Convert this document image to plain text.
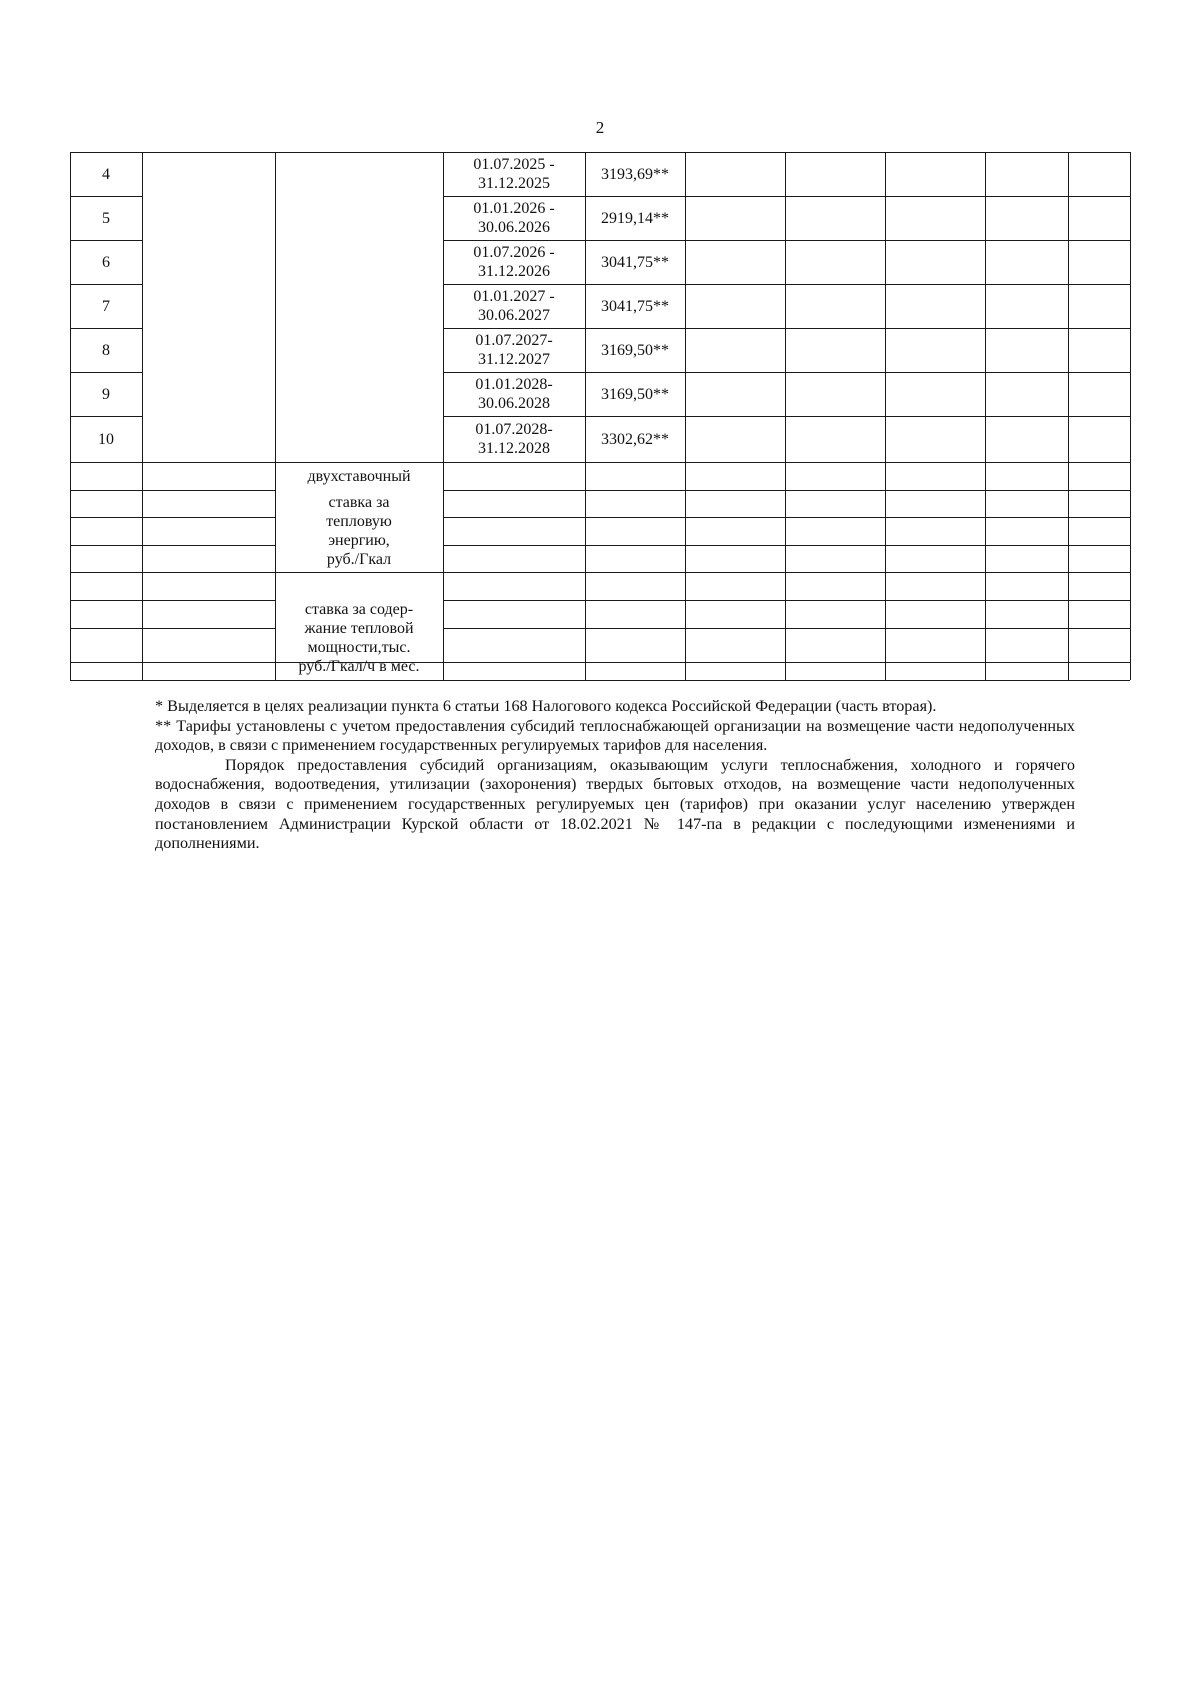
2
4
01.07.2025 -
31.12.2025
3193,69**
5
01.01.2026 -
30.06.2026
2919,14**
6
01.07.2026 -
31.12.2026
3041,75**
7
01.01.2027 -
30.06.2027
3041,75**
8
01.07.2027-
31.12.2027
3169,50**
9
01.01.2028-
30.06.2028
3169,50**
10
01.07.2028-
31.12.2028
3302,62**
двухставочный
ставка за
тепловую
энергию,
руб./Гкал
ставка за содер-
жание тепловой
мощности,тыс.
руб./Гкал/ч в мес.

* Выделяется в целях реализации пункта 6 статьи 168 Налогового кодекса Российской Федерации (часть вторая).

** Тарифы установлены с учетом предоставления субсидий теплоснабжающей организации на возмещение части недополученных доходов, в связи с применением государственных регулируемых тарифов для населения.

Порядок предоставления субсидий организациям, оказывающим услуги теплоснабжения, холодного и горячего водоснабжения, водоотведения, утилизации (захоронения) твердых бытовых отходов, на возмещение части недополученных доходов в связи с применением государственных регулируемых цен (тарифов) при оказании услуг населению утвержден постановлением Администрации Курской области от 18.02.2021 № 147-па в редакции с последующими изменениями и дополнениями.
